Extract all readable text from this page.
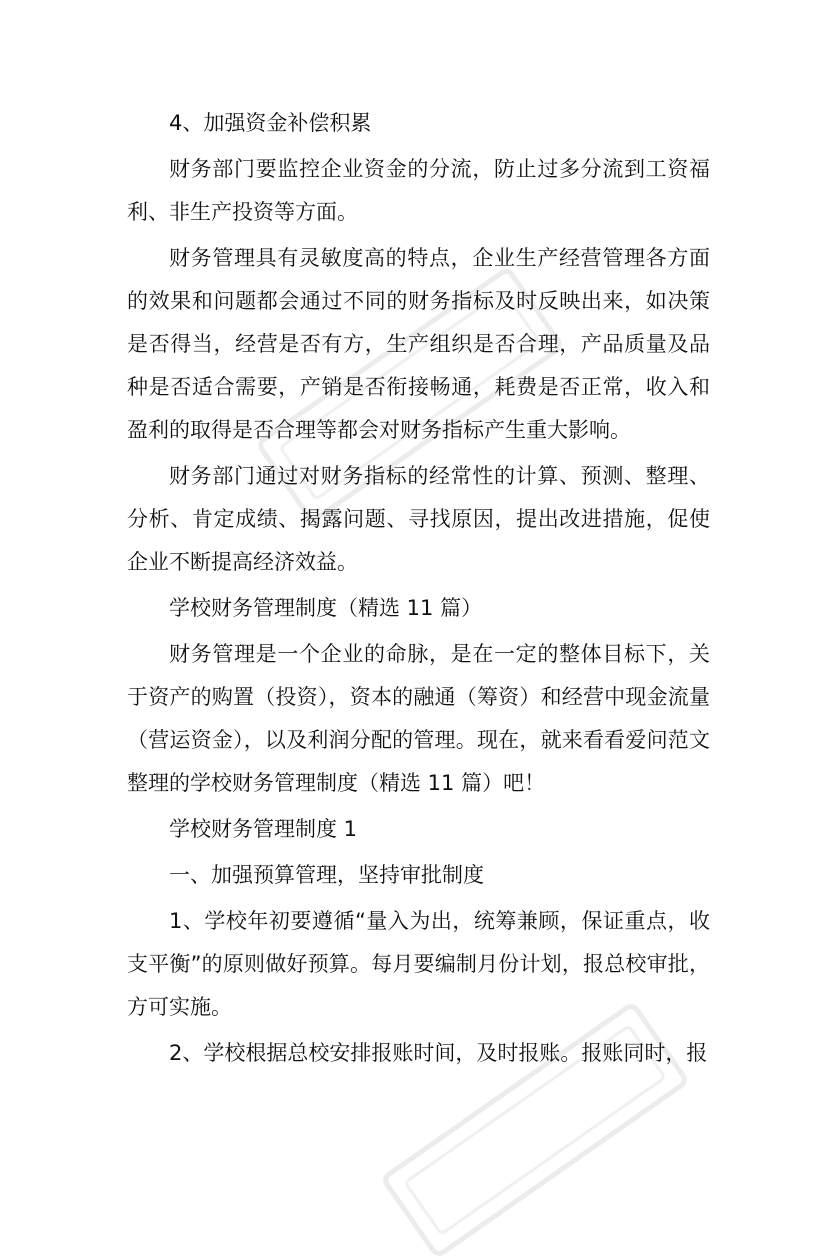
4、加强资金补偿积累

财务部门要监控企业资金的分流，防止过多分流到工资福利、非生产投资等方面。

财务管理具有灵敏度高的特点，企业生产经营管理各方面的效果和问题都会通过不同的财务指标及时反映出来，如决策是否得当，经营是否有方，生产组织是否合理，产品质量及品种是否适合需要，产销是否衔接畅通，耗费是否正常，收入和盈利的取得是否合理等都会对财务指标产生重大影响。

财务部门通过对财务指标的经常性的计算、预测、整理、分析、肯定成绩、揭露问题、寻找原因，提出改进措施，促使企业不断提高经济效益。

学校财务管理制度（精选 11 篇）

财务管理是一个企业的命脉，是在一定的整体目标下，关于资产的购置（投资），资本的融通（筹资）和经营中现金流量（营运资金），以及利润分配的管理。现在，就来看看爱问范文整理的学校财务管理制度（精选 11 篇）吧！

学校财务管理制度 1

一、加强预算管理，坚持审批制度

1、学校年初要遵循“量入为出，统筹兼顾，保证重点，收支平衡”的原则做好预算。每月要编制月份计划，报总校审批，方可实施。

2、学校根据总校安排报账时间，及时报账。报账同时，报
